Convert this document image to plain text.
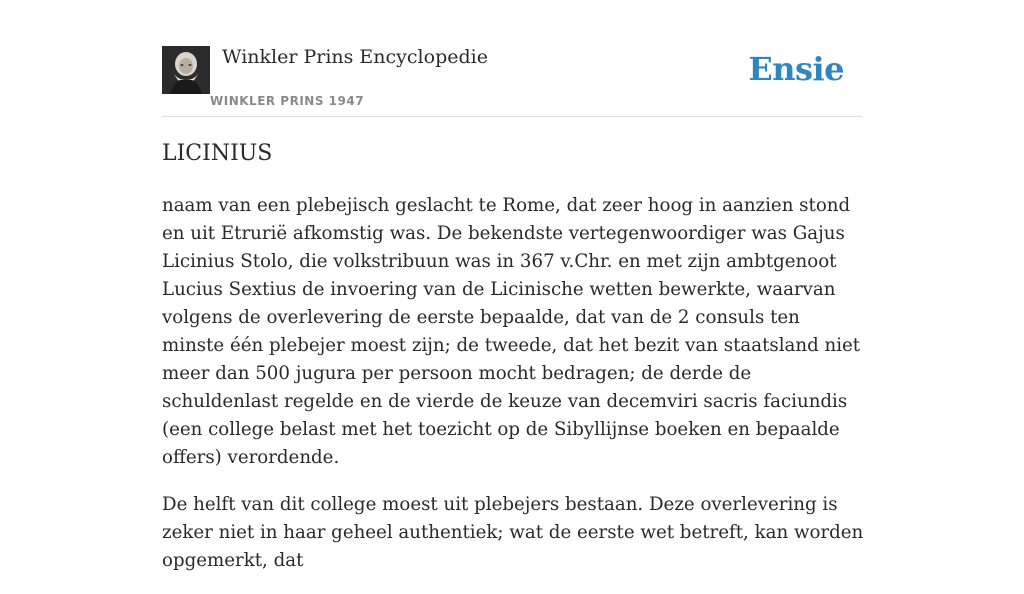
Winkler Prins Encyclopedie
WINKLER PRINS 1947
Ensie
LICINIUS

naam van een plebejisch geslacht te Rome, dat zeer hoog in aanzien stond en uit Etrurië afkomstig was. De bekendste vertegenwoordiger was Gajus Licinius Stolo, die volkstribuun was in 367 v.Chr. en met zijn ambtgenoot Lucius Sextius de invoering van de Licinische wetten bewerkte, waarvan volgens de overlevering de eerste bepaalde, dat van de 2 consuls ten minste één plebejer moest zijn; de tweede, dat het bezit van staatsland niet meer dan 500 jugura per persoon mocht bedragen; de derde de schuldenlast regelde en de vierde de keuze van decemviri sacris faciundis (een college belast met het toezicht op de Sibyllijnse boeken en bepaalde offers) verordende.

De helft van dit college moest uit plebejers bestaan. Deze overlevering is zeker niet in haar geheel authentiek; wat de eerste wet betreft, kan worden opgemerkt, dat
